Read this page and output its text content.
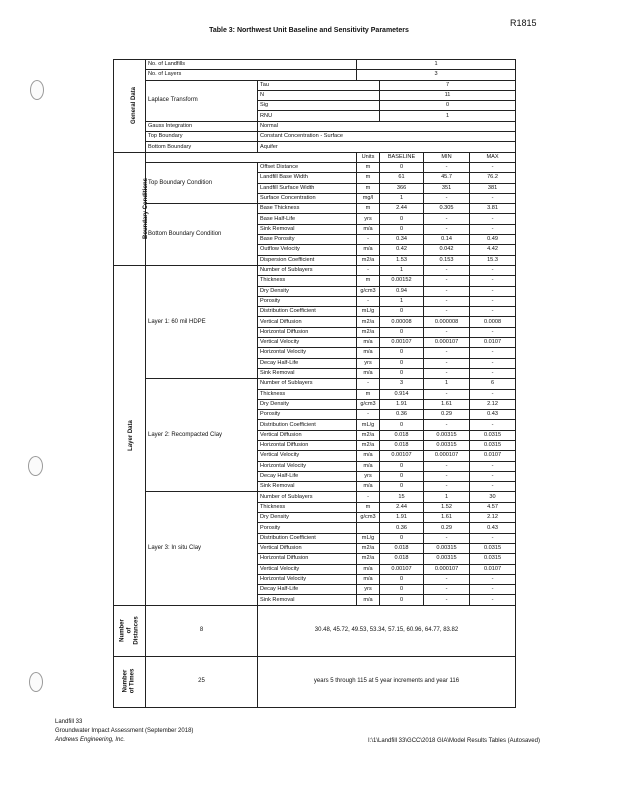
R1815
Table 3: Northwest Unit Baseline and Sensitivity Parameters
General Data	No. of Landfills		1			
	No. of Layers		3			
	Laplace Transform	Tau		7		
		N		11		
		Sig		0		
		RNU		1		
	Gauss Integration	Normal				
	Top Boundary	Constant Concentration - Surface				
	Bottom Boundary	Aquifer				
Boundary Conditions			Units	BASELINE	MIN	MAX
	Top Boundary Condition	Offset Distance	m	0	-	-
		Landfill Base Width	m	61	45.7	76.2
		Landfill Surface Width	m	366	351	381
		Surface Concentration	mg/l	1	-	-
	Bottom Boundary Condition	Base Thickness	m	2.44	0.305	3.81
		Base Half-Life	yrs	0	-	-
		Sink Removal	m/a	0	-	-
		Base Porosity	-	0.34	0.14	0.49
		Outflow Velocity	m/a	0.42	0.042	4.42
		Dispersion Coefficient	m2/a	1.53	0.153	15.3
Layer Data	Layer 1: 60 mil HDPE	Number of Sublayers	-	1	-	-
		Thickness	m	0.00152	-	-
		Dry Density	g/cm3	0.94	-	-
		Porosity	-	1	-	-
		Distribution Coefficient	mL/g	0	-	-
		Vertical Diffusion	m2/a	0.00008	0.000008	0.0008
		Horizontal Diffusion	m2/a	0	-	-
		Vertical Velocity	m/a	0.00107	0.000107	0.0107
		Horizontal Velocity	m/a	0	-	-
		Decay Half-Life	yrs	0	-	-
		Sink Removal	m/a	0	-	-
	Layer 2: Recompacted Clay	Number of Sublayers	-	3	1	6
		Thickness	m	0.914	-	-
		Dry Density	g/cm3	1.91	1.61	2.12
		Porosity	-	0.36	0.29	0.43
		Distribution Coefficient	mL/g	0	-	-
		Vertical Diffusion	m2/a	0.018	0.00315	0.0315
		Horizontal Diffusion	m2/a	0.018	0.00315	0.0315
		Vertical Velocity	m/a	0.00107	0.000107	0.0107
		Horizontal Velocity	m/a	0	-	-
		Decay Half-Life	yrs	0	-	-
		Sink Removal	m/a	0	-	-
	Layer 3: In situ Clay	Number of Sublayers	-	15	1	30
		Thickness	m	2.44	1.52	4.57
		Dry Density	g/cm3	1.91	1.61	2.12
		Porosity		0.36	0.29	0.43
		Distribution Coefficient	mL/g	0	-	-
		Vertical Diffusion	m2/a	0.018	0.00315	0.0315
		Horizontal Diffusion	m2/a	0.018	0.00315	0.0315
		Vertical Velocity	m/a	0.00107	0.000107	0.0107
		Horizontal Velocity	m/a	0	-	-
		Decay Half-Life	yrs	0	-	-
		Sink Removal	m/a	0	-	-

Number of Distances	8	30.48, 45.72, 49.53, 53.34, 57.15, 60.96, 64.77, 83.82				

Number of Times	25	years 5 through 115 at 5 year increments and year 116				
Landfill 33
Groundwater Impact Assessment (September 2018)
Andrews Engineering, Inc.	I:\1\Landfill 33\GCC\2018 GIA\Model Results Tables (Autosaved)
